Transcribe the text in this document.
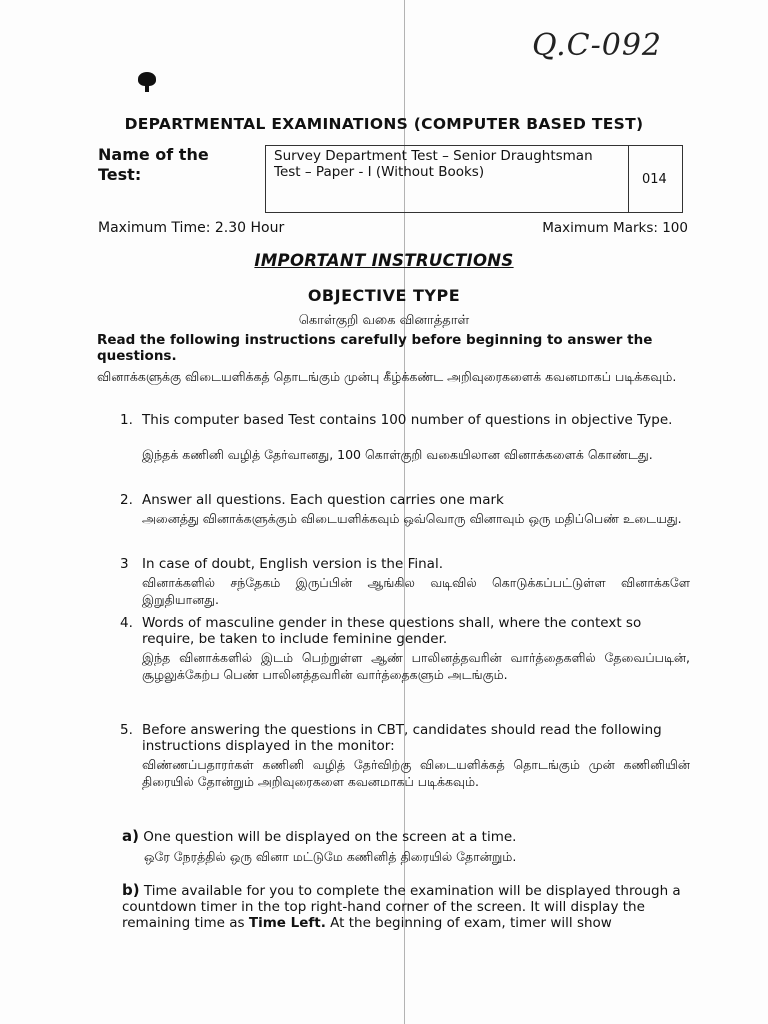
Q.C-092
DEPARTMENTAL EXAMINATIONS (COMPUTER BASED TEST)
Name of the Test:
Survey Department Test – Senior Draughtsman Test – Paper - I (Without Books)	014
Maximum Time: 2.30 Hour	Maximum Marks: 100
IMPORTANT INSTRUCTIONS
OBJECTIVE TYPE
கொள்குறி வகை வினாத்தாள்
Read the following instructions carefully before beginning to answer the questions.
வினாக்களுக்கு விடையளிக்கத் தொடங்கும் முன்பு கீழ்க்கண்ட அறிவுரைகளைக் கவனமாகப் படிக்கவும்.
1. This computer based Test contains 100 number of questions in objective Type.
இந்தக் கணினி வழித் தேர்வானது, 100 கொள்குறி வகையிலான வினாக்களைக் கொண்டது.
2. Answer all questions. Each question carries one mark
அனைத்து வினாக்களுக்கும் விடையளிக்கவும் ஒவ்வொரு வினாவும் ஒரு மதிப்பெண் உடையது.
3 In case of doubt, English version is the Final.
வினாக்களில் சந்தேகம் இருப்பின் ஆங்கில வடிவில் கொடுக்கப்பட்டுள்ள வினாக்களே இறுதியானது.
4. Words of masculine gender in these questions shall, where the context so require, be taken to include feminine gender.
இந்த வினாக்களில் இடம் பெற்றுள்ள ஆண் பாலினத்தவரின் வார்த்தைகளில் தேவைப்படின், சூழலுக்கேற்ப பெண் பாலினத்தவரின் வார்த்தைகளும் அடங்கும்.
5. Before answering the questions in CBT, candidates should read the following instructions displayed in the monitor:
விண்ணப்பதாரர்கள் கணினி வழித் தேர்விற்கு விடையளிக்கத் தொடங்கும் முன் கணினியின் திரையில் தோன்றும் அறிவுரைகளை கவனமாகப் படிக்கவும்.
a) One question will be displayed on the screen at a time.
ஒரே நேரத்தில் ஒரு வினா மட்டுமே கணினித் திரையில் தோன்றும்.
b) Time available for you to complete the examination will be displayed through a countdown timer in the top right-hand corner of the screen. It will display the remaining time as Time Left. At the beginning of exam, timer will show
